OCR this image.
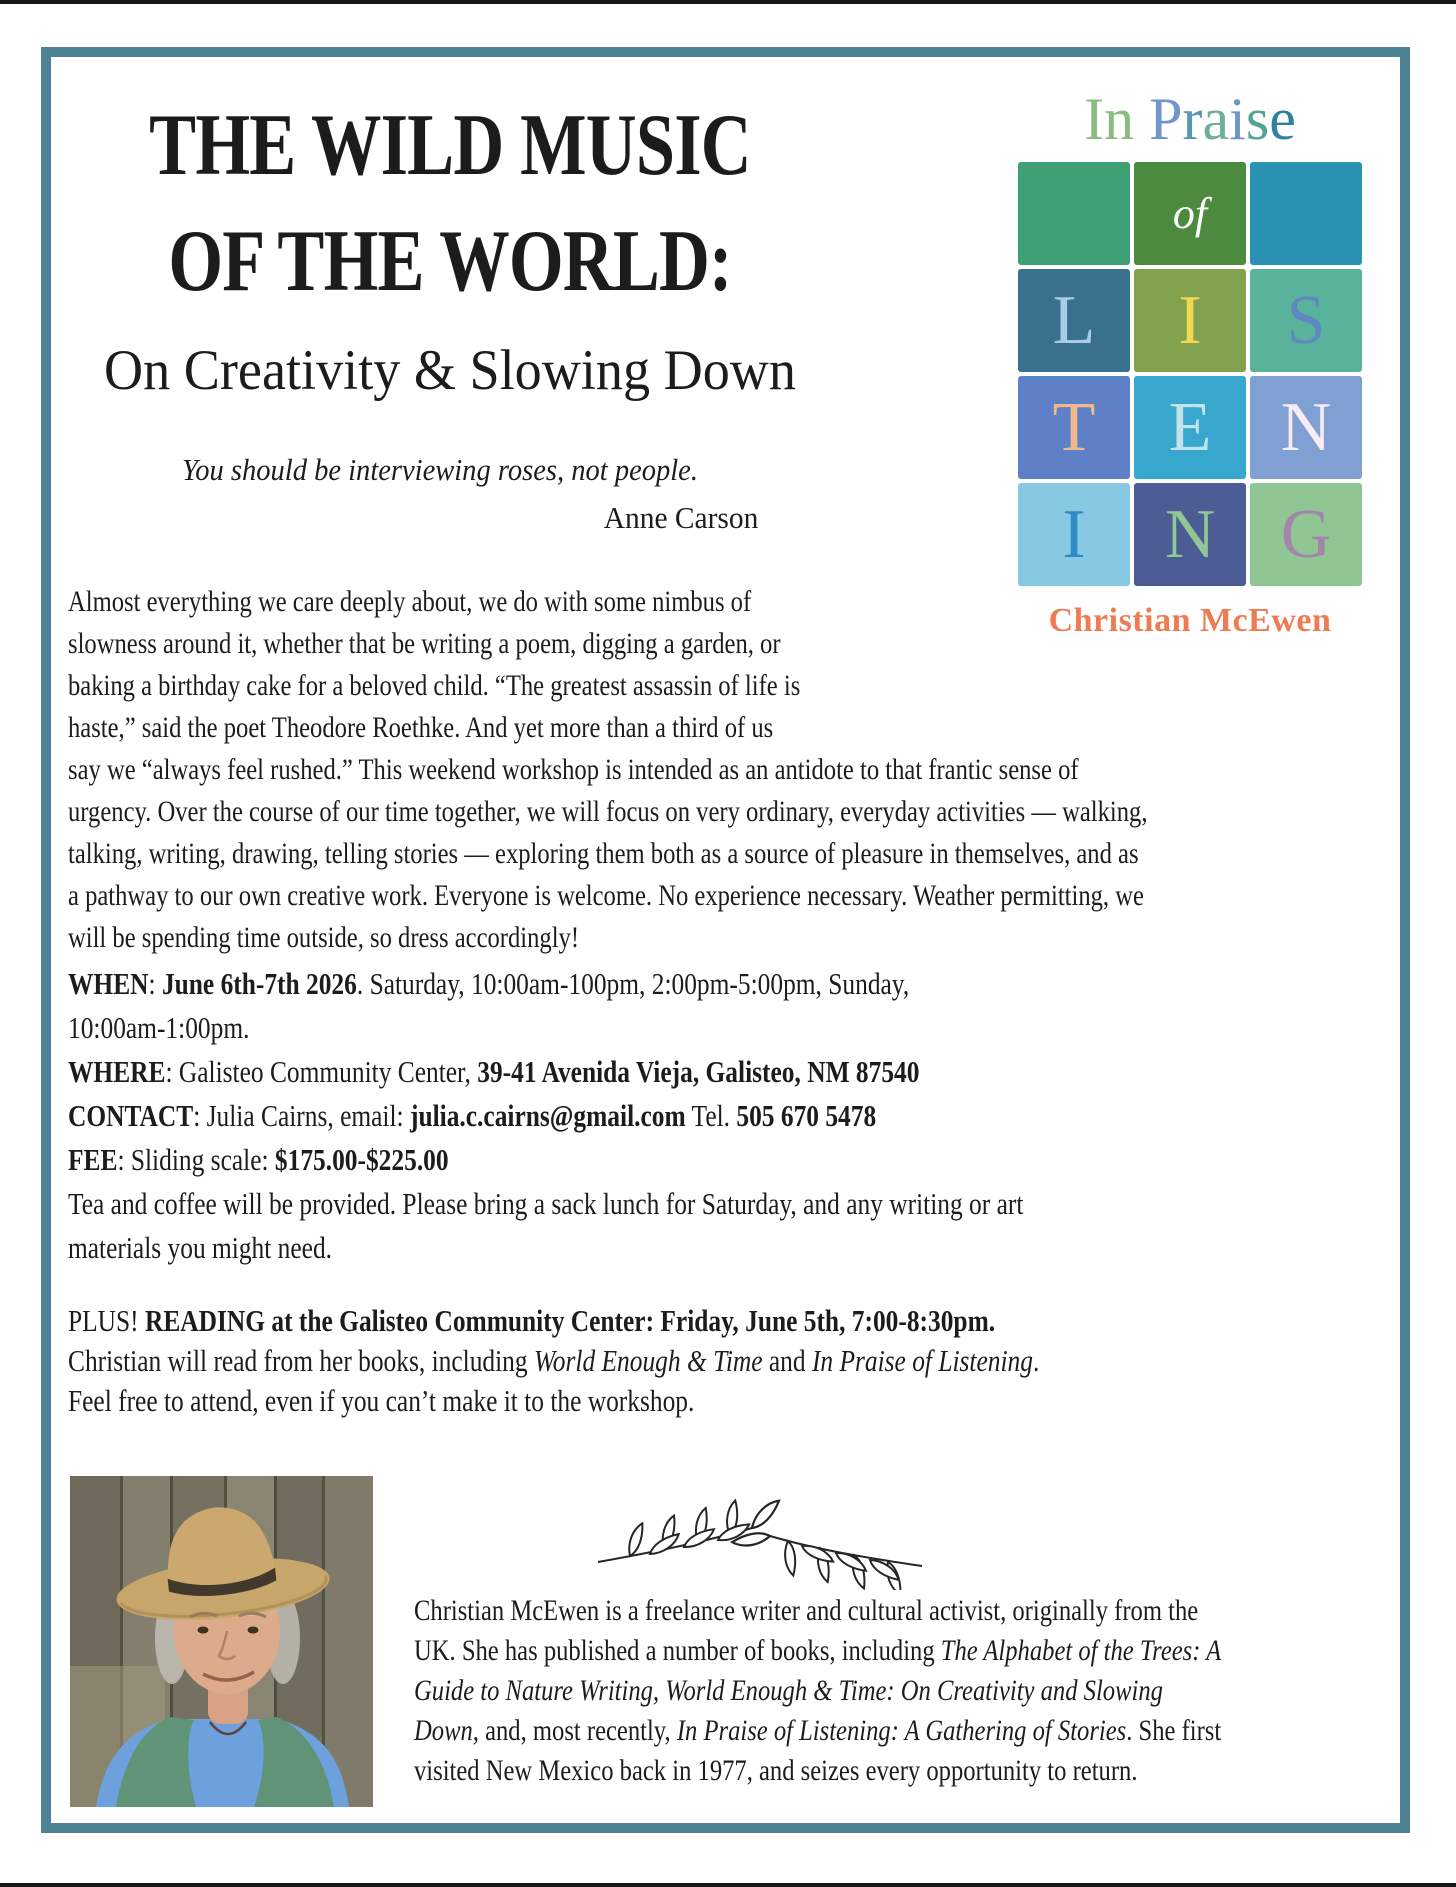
THE WILD MUSIC
OF THE WORLD:
On Creativity & Slowing Down
You should be interviewing roses, not people.
Anne Carson
In Praise
of
L I S
T E N
I N G
Christian McEwen
Almost everything we care deeply about, we do with some nimbus of
slowness around it, whether that be writing a poem, digging a garden, or
baking a birthday cake for a beloved child. “The greatest assassin of life is
haste,” said the poet Theodore Roethke. And yet more than a third of us
say we “always feel rushed.” This weekend workshop is intended as an antidote to that frantic sense of
urgency. Over the course of our time together, we will focus on very ordinary, everyday activities — walking,
talking, writing, drawing, telling stories — exploring them both as a source of pleasure in themselves, and as
a pathway to our own creative work. Everyone is welcome. No experience necessary. Weather permitting, we
will be spending time outside, so dress accordingly!
WHEN: June 6th-7th 2026. Saturday, 10:00am-100pm, 2:00pm-5:00pm, Sunday,
10:00am-1:00pm.
WHERE: Galisteo Community Center, 39-41 Avenida Vieja, Galisteo, NM 87540
CONTACT: Julia Cairns, email: julia.c.cairns@gmail.com Tel. 505 670 5478
FEE: Sliding scale: $175.00-$225.00
Tea and coffee will be provided. Please bring a sack lunch for Saturday, and any writing or art
materials you might need.
PLUS! READING at the Galisteo Community Center: Friday, June 5th, 7:00-8:30pm.
Christian will read from her books, including World Enough & Time and In Praise of Listening.
Feel free to attend, even if you can’t make it to the workshop.
Christian McEwen is a freelance writer and cultural activist, originally from the
UK. She has published a number of books, including The Alphabet of the Trees: A
Guide to Nature Writing, World Enough & Time: On Creativity and Slowing
Down, and, most recently, In Praise of Listening: A Gathering of Stories. She first
visited New Mexico back in 1977, and seizes every opportunity to return.
